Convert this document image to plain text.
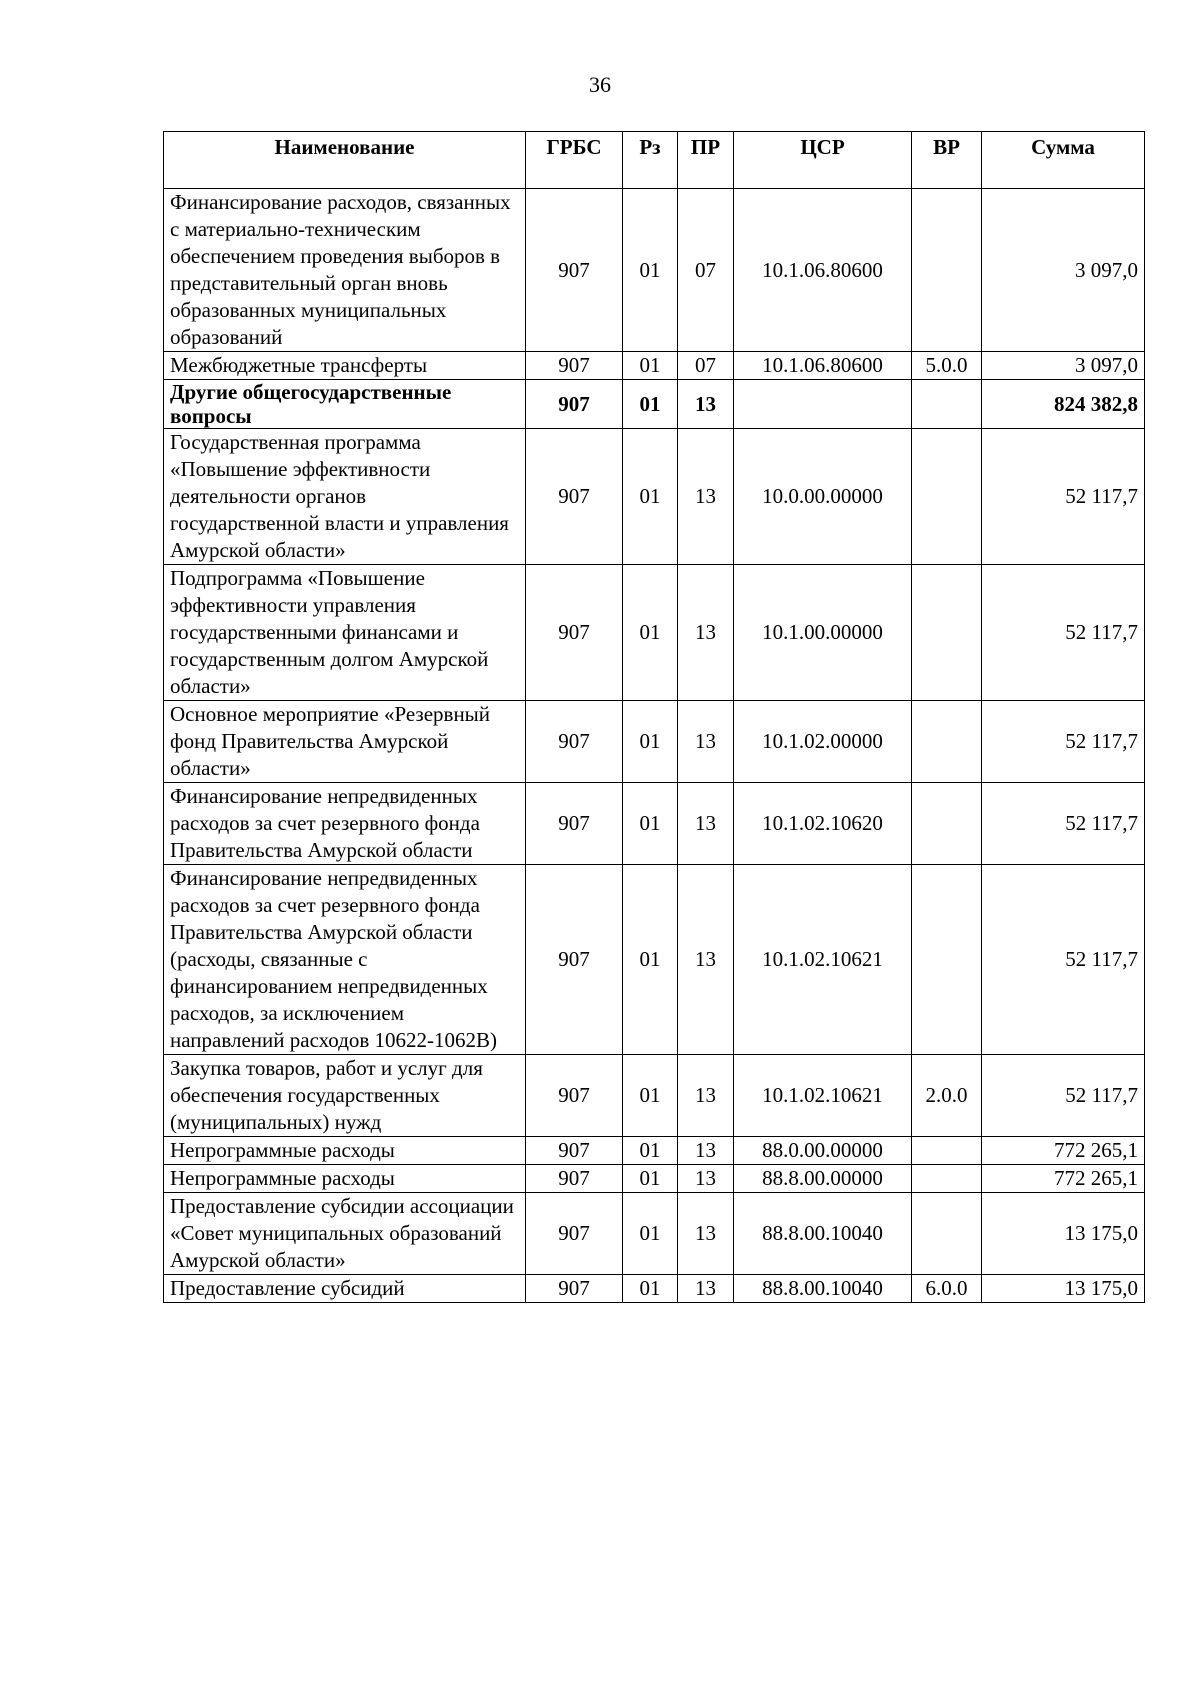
36
Наименование	ГРБС	Рз	ПР	ЦСР	ВР	Сумма
Финансирование расходов, связанных с материально-техническим обеспечением проведения выборов в представительный орган вновь образованных муниципальных образований	907	01	07	10.1.06.80600		3 097,0
Межбюджетные трансферты	907	01	07	10.1.06.80600	5.0.0	3 097,0
Другие общегосударственные вопросы	907	01	13			824 382,8
Государственная программа «Повышение эффективности деятельности органов государственной власти и управления Амурской области»	907	01	13	10.0.00.00000		52 117,7
Подпрограмма «Повышение эффективности управления государственными финансами и государственным долгом Амурской области»	907	01	13	10.1.00.00000		52 117,7
Основное мероприятие «Резервный фонд Правительства Амурской области»	907	01	13	10.1.02.00000		52 117,7
Финансирование непредвиденных расходов за счет резервного фонда Правительства Амурской области	907	01	13	10.1.02.10620		52 117,7
Финансирование непредвиденных расходов за счет резервного фонда Правительства Амурской области (расходы, связанные с финансированием непредвиденных расходов, за исключением направлений расходов 10622-1062В)	907	01	13	10.1.02.10621		52 117,7
Закупка товаров, работ и услуг для обеспечения государственных (муниципальных) нужд	907	01	13	10.1.02.10621	2.0.0	52 117,7
Непрограммные расходы	907	01	13	88.0.00.00000		772 265,1
Непрограммные расходы	907	01	13	88.8.00.00000		772 265,1
Предоставление субсидии ассоциации «Совет муниципальных образований Амурской области»	907	01	13	88.8.00.10040		13 175,0
Предоставление субсидий	907	01	13	88.8.00.10040	6.0.0	13 175,0
